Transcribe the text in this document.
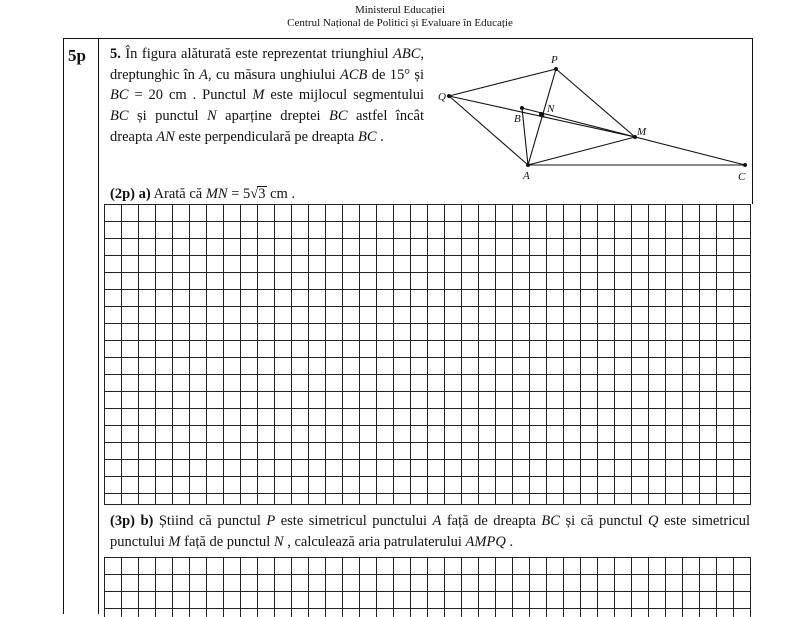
Ministerul Educației
Centrul Național de Politici și Evaluare în Educație
5p 5. În figura alăturată este reprezentat triunghiul ABC, dreptunghic în A, cu măsura unghiului ACB de 15° și BC = 20 cm . Punctul M este mijlocul segmentului BC și punctul N aparține dreptei BC astfel încât dreapta AN este perpendiculară pe dreapta BC .
(2p) a) Arată că MN = 5√3 cm .
P
Q
N
B
M
A	C
(3p) b) Știind că punctul P este simetricul punctului A față de dreapta BC și că punctul Q este simetricul punctului M față de punctul N , calculează aria patrulaterului AMPQ .
